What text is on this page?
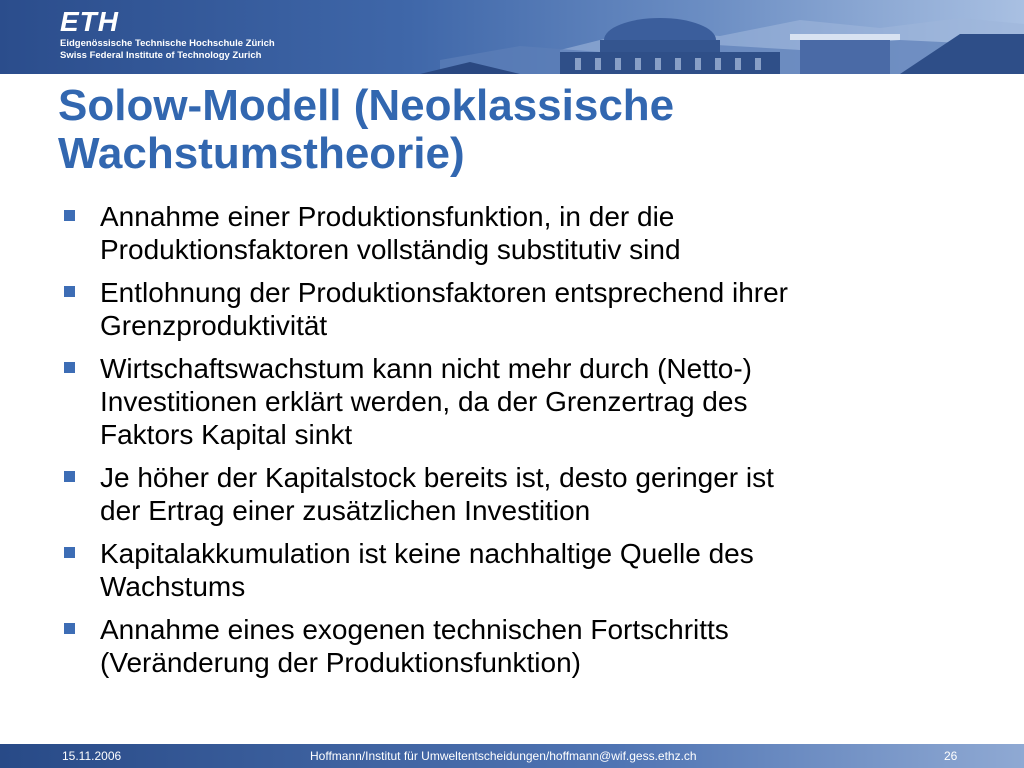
ETH
Eidgenössische Technische Hochschule Zürich
Swiss Federal Institute of Technology Zurich
Solow-Modell (Neoklassische
Wachstumstheorie)
Annahme einer Produktionsfunktion, in der die
Produktionsfaktoren vollständig substitutiv sind
Entlohnung der Produktionsfaktoren entsprechend ihrer
Grenzproduktivität
Wirtschaftswachstum kann nicht mehr durch (Netto-)
Investitionen erklärt werden, da der Grenzertrag des
Faktors Kapital sinkt
Je höher der Kapitalstock bereits ist, desto geringer ist
der Ertrag einer zusätzlichen Investition
Kapitalakkumulation ist keine nachhaltige Quelle des
Wachstums
Annahme eines exogenen technischen Fortschritts
(Veränderung der Produktionsfunktion)
15.11.2006	Hoffmann/Institut für Umweltentscheidungen/hoffmann@wif.gess.ethz.ch	26
